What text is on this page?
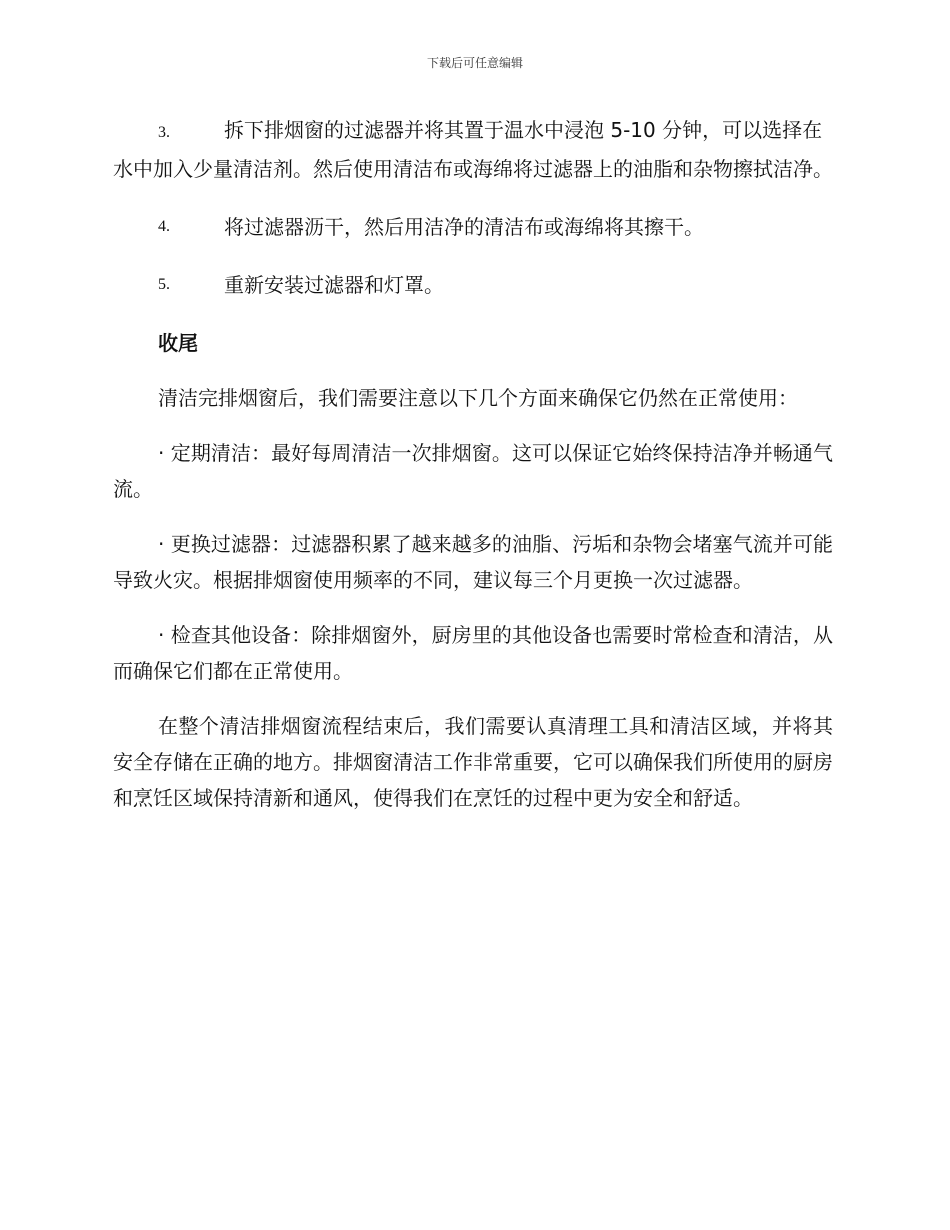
下载后可任意编辑
3.	拆下排烟窗的过滤器并将其置于温水中浸泡 5-10 分钟，可以选择在水中加入少量清洁剂。然后使用清洁布或海绵将过滤器上的油脂和杂物擦拭洁净。
4.	将过滤器沥干，然后用洁净的清洁布或海绵将其擦干。
5.	重新安装过滤器和灯罩。
收尾
清洁完排烟窗后，我们需要注意以下几个方面来确保它仍然在正常使用：
· 定期清洁：最好每周清洁一次排烟窗。这可以保证它始终保持洁净并畅通气流。
· 更换过滤器：过滤器积累了越来越多的油脂、污垢和杂物会堵塞气流并可能导致火灾。根据排烟窗使用频率的不同，建议每三个月更换一次过滤器。
· 检查其他设备：除排烟窗外，厨房里的其他设备也需要时常检查和清洁，从而确保它们都在正常使用。
在整个清洁排烟窗流程结束后，我们需要认真清理工具和清洁区域，并将其安全存储在正确的地方。排烟窗清洁工作非常重要，它可以确保我们所使用的厨房和烹饪区域保持清新和通风，使得我们在烹饪的过程中更为安全和舒适。
